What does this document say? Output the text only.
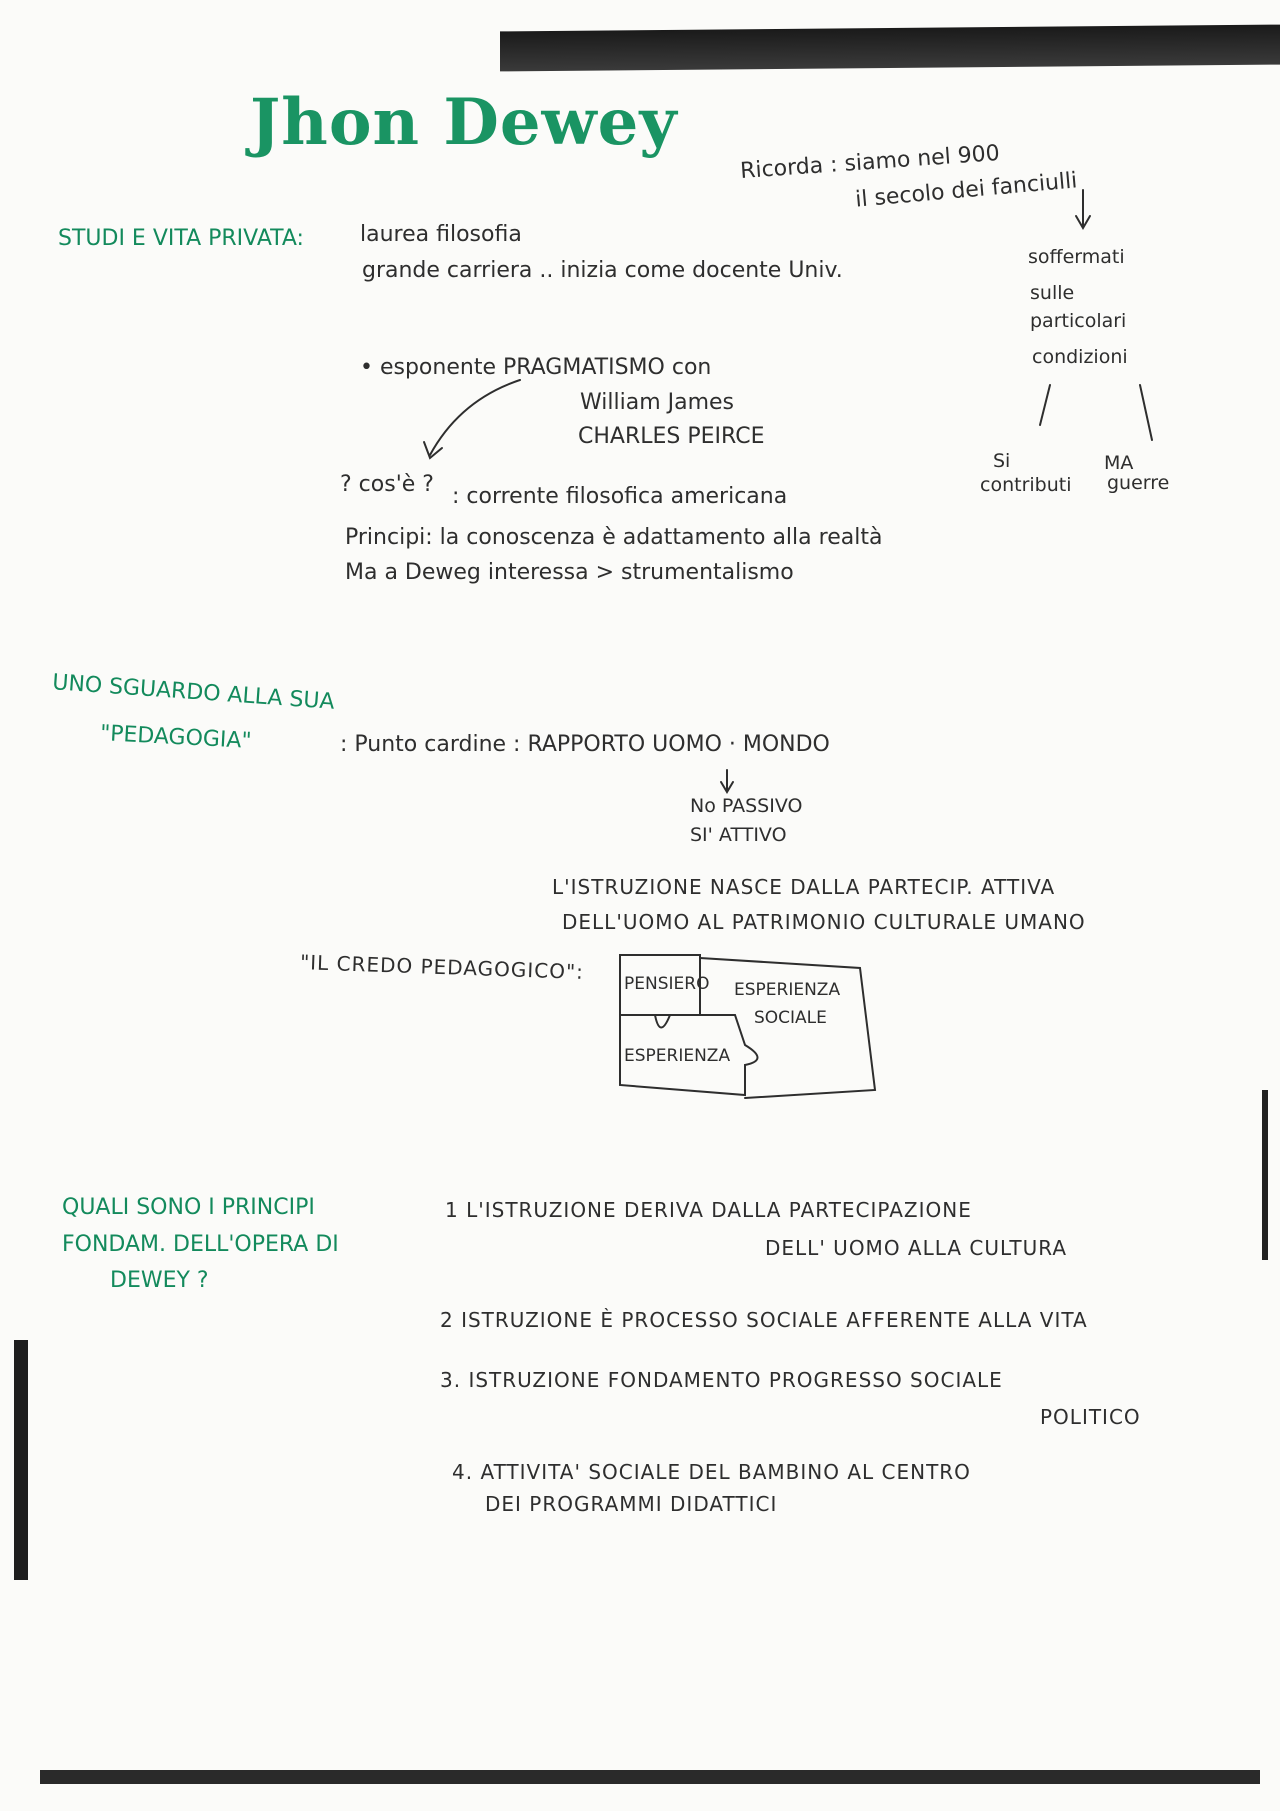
Jhon Dewey
Ricorda : siamo nel 900
il secolo dei fanciulli
soffermati
sulle
particolari
condizioni
Si
contributi
MA
guerre
STUDI E VITA PRIVATA:	laurea filosofia
grande carriera .. inizia come docente Univ.
• esponente PRAGMATISMO con
William James
CHARLES PEIRCE
? cos'è ? : corrente filosofica americana
Principi: la conoscenza è adattamento alla realtà
Ma a Deweg interessa > strumentalismo
UNO SGUARDO ALLA SUA
"PEDAGOGIA"	: Punto cardine : RAPPORTO UOMO · MONDO
No PASSIVO
SI' ATTIVO
L'ISTRUZIONE NASCE DALLA PARTECIP. ATTIVA
DELL'UOMO AL PATRIMONIO CULTURALE UMANO
"IL CREDO PEDAGOGICO":
PENSIERO ESPERIENZA
SOCIALE
ESPERIENZA
QUALI SONO I PRINCIPI
FONDAM. DELL'OPERA DI
DEWEY ?
1 L'ISTRUZIONE DERIVA DALLA PARTECIPAZIONE
DELL' UOMO ALLA CULTURA
2 ISTRUZIONE È PROCESSO SOCIALE AFFERENTE ALLA VITA
3. ISTRUZIONE FONDAMENTO PROGRESSO SOCIALE
POLITICO
4. ATTIVITA' SOCIALE DEL BAMBINO AL CENTRO
DEI PROGRAMMI DIDATTICI
